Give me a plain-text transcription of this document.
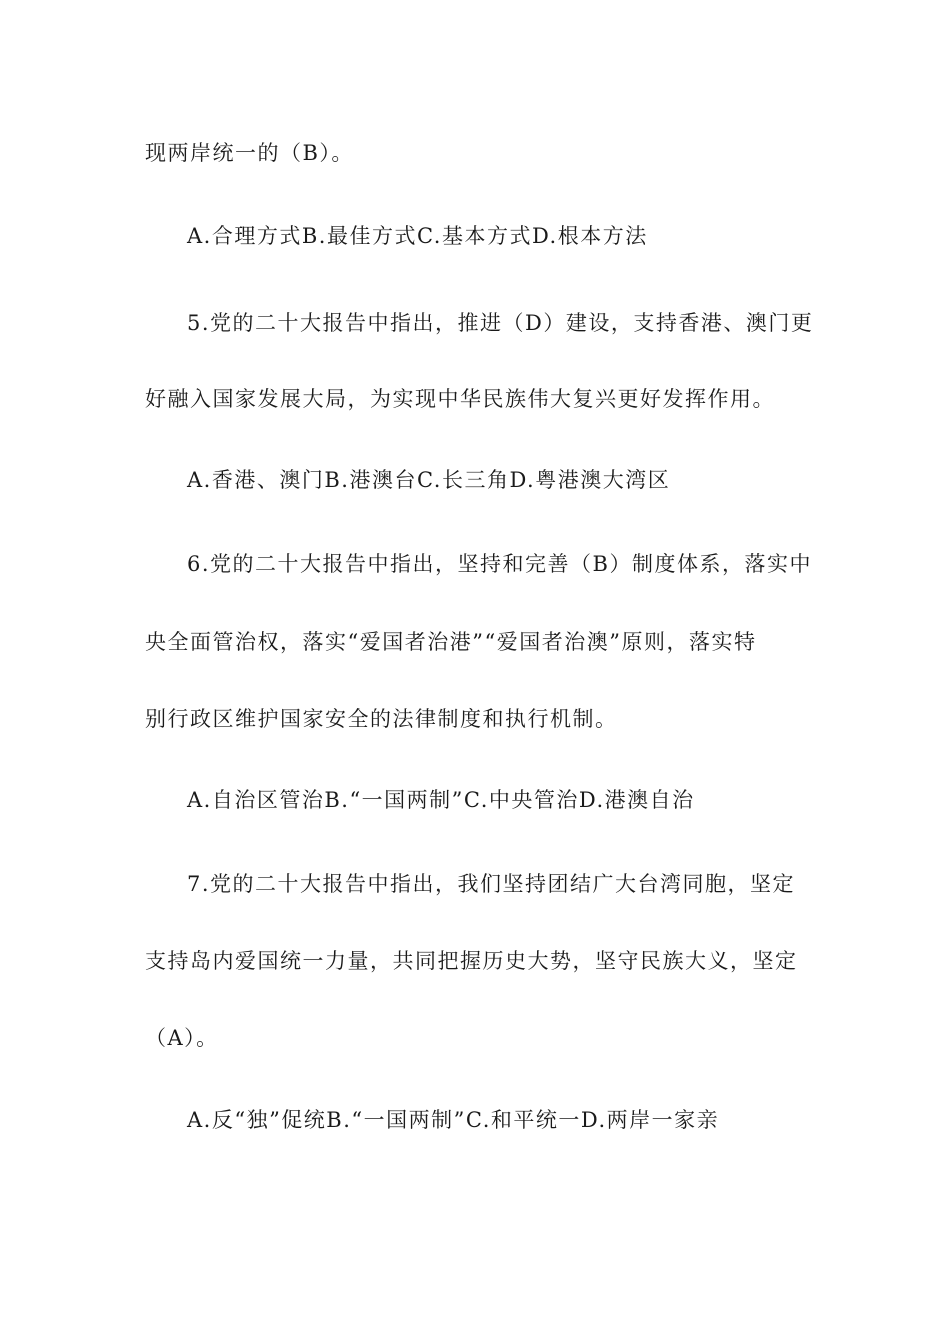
现两岸统一的（B）。
A.合理方式B.最佳方式C.基本方式D.根本方法
5.党的二十大报告中指出，推进（D）建设，支持香港、澳门更
好融入国家发展大局，为实现中华民族伟大复兴更好发挥作用。
A.香港、澳门B.港澳台C.长三角D.粤港澳大湾区
6.党的二十大报告中指出，坚持和完善（B）制度体系，落实中
央全面管治权，落实“爱国者治港”“爱国者治澳”原则，落实特
别行政区维护国家安全的法律制度和执行机制。
A.自治区管治B.“一国两制”C.中央管治D.港澳自治
7.党的二十大报告中指出，我们坚持团结广大台湾同胞，坚定
支持岛内爱国统一力量，共同把握历史大势，坚守民族大义，坚定
（A）。
A.反“独”促统B.“一国两制”C.和平统一D.两岸一家亲
